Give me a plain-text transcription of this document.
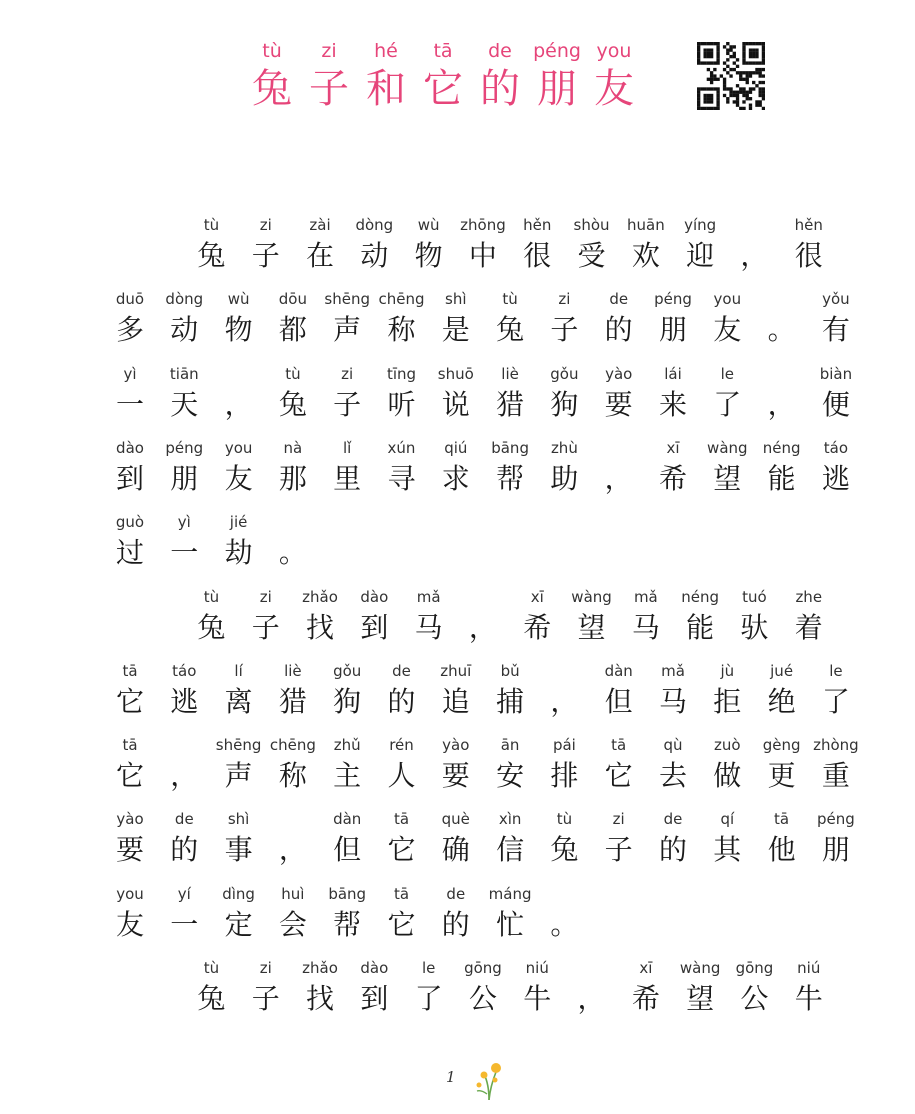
tù	zi	hé	tā	de	péng you
兔 子 和 它 的 朋 友
tù
兔
zi
子
zài
在
dòng
动
wù
物
zhōng
中
hěn
很
shòu
受
huān
欢
yíng
迎 ，
hěn
很
duō
多
dòng
动
wù
物
dōu
都
shēng
声
chēng
称
shì
是
tù
兔
zi
子
de
的
péng
朋
you
友 。
yǒu
有
yì
一
tiān
天 ，
tù
兔
zi
子
tīng
听
shuō
说
liè
猎
gǒu
狗
yào
要
lái
来
le
了 ，
biàn
便
dào
到
péng
朋
you
友
nà
那
lǐ
里
xún
寻
qiú
求
bāng
帮
zhù
助 ，
xī
希
wàng
望
néng
能
táo
逃
guò
过
yì
一
jié
劫 。
tù
兔
zi
子
zhǎo
找
dào
到
mǎ
马 ，
xī
希
wàng
望
mǎ
马
néng
能
tuó
驮
zhe
着
tā
它
táo
逃
lí
离
liè
猎
gǒu
狗
de
的
zhuī
追
bǔ
捕 ，
dàn
但
mǎ
马
jù
拒
jué
绝
le
了
tā
它 ，
shēng
声
chēng
称
zhǔ
主
rén
人
yào
要
ān
安
pái
排
tā
它
qù
去
zuò
做
gèng
更
zhòng
重
yào
要
de
的
shì
事 ，
dàn
但
tā
它
què
确
xìn
信
tù
兔
zi
子
de
的
qí
其
tā
他
péng
朋
you
友
yí
一
dìng
定
huì
会
bāng
帮
tā
它
de
的
máng
忙 。
tù
兔
zi
子
zhǎo
找
dào
到
le
了
gōng
公
niú
牛 ，
xī
希
wàng
望
gōng
公
niú
牛
1
